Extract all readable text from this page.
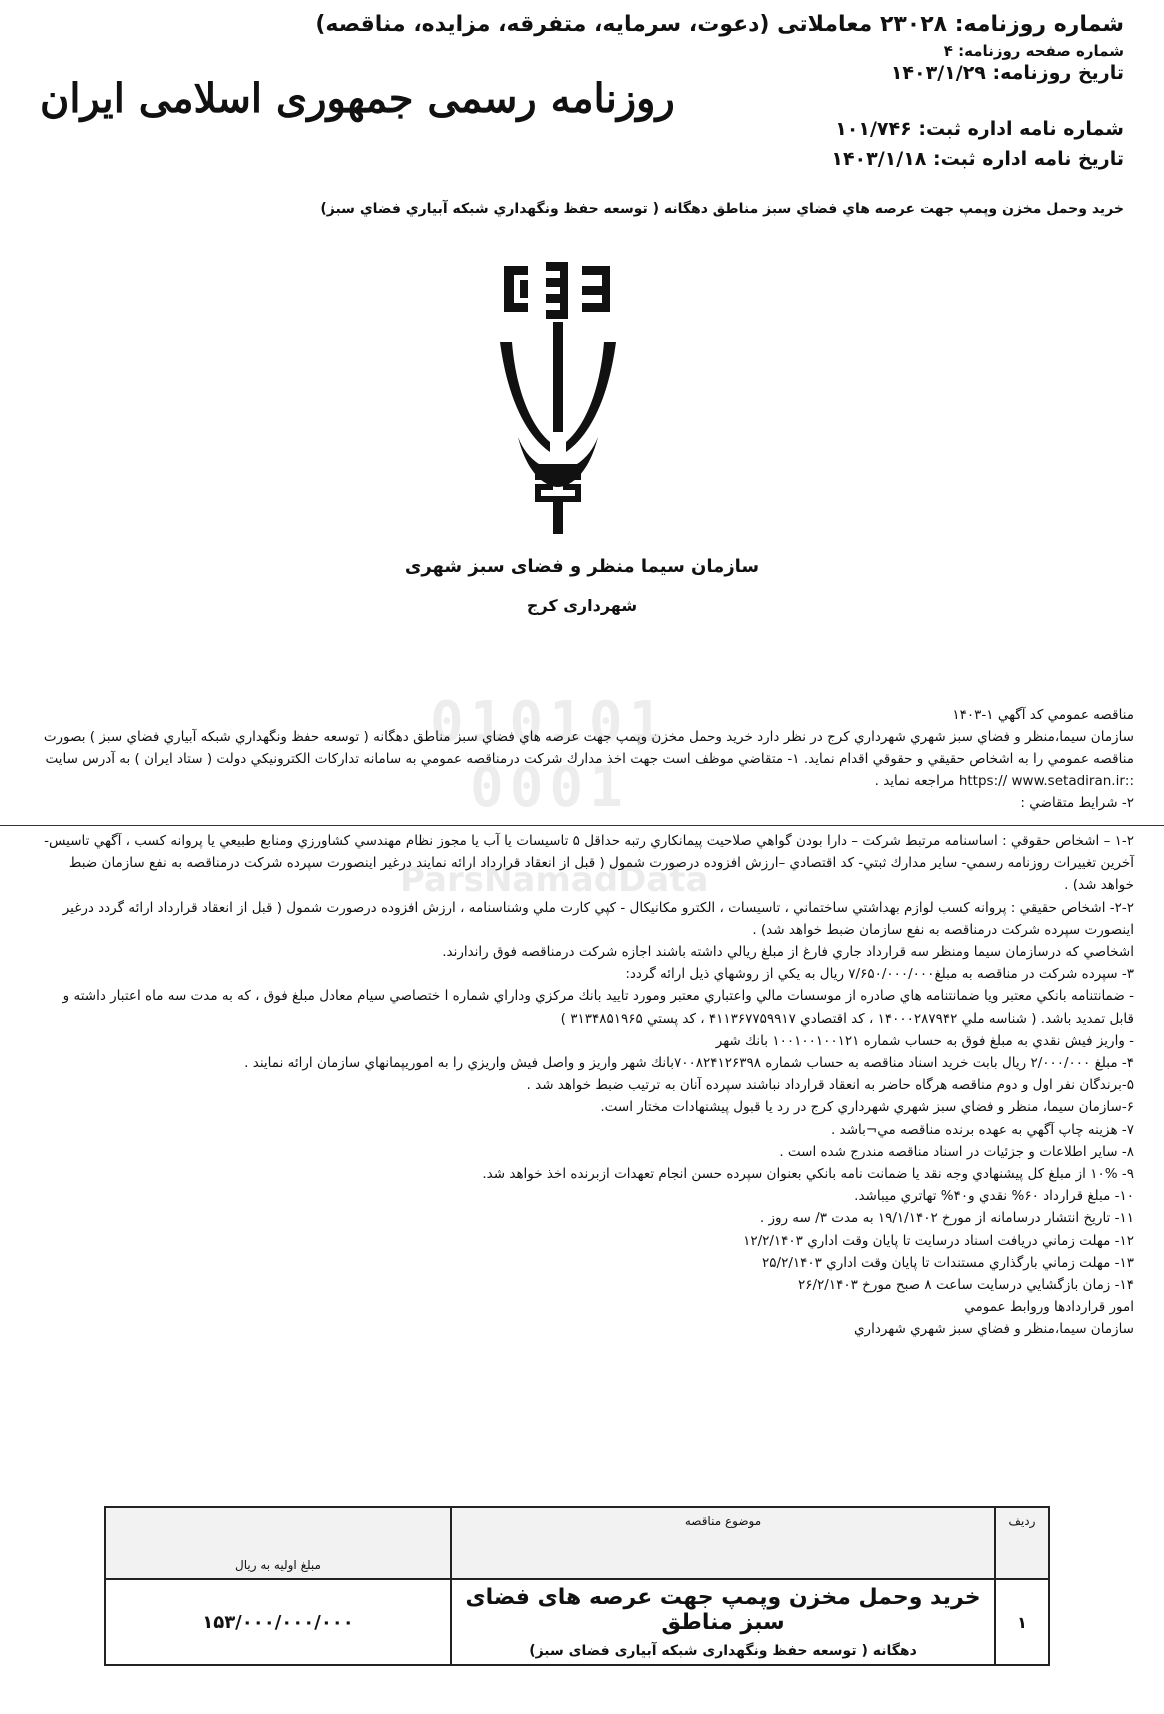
شماره روزنامه: ۲۳۰۲۸ معاملاتی (دعوت، سرمایه، متفرقه، مزایده، مناقصه)
شماره صفحه روزنامه: ۴
تاریخ روزنامه: ۱۴۰۳/۱/۲۹
روزنامه رسمی جمهوری اسلامی ایران
شماره نامه اداره ثبت: ۱۰۱/۷۴۶
تاریخ نامه اداره ثبت: ۱۴۰۳/۱/۱۸
خريد وحمل مخزن وپمپ جهت عرصه هاي فضاي سبز مناطق دهگانه ( توسعه حفظ ونگهداري شبكه آبياري فضاي سبز)
سازمان سیما منظر و فضای سبز شهری
شهرداری کرج
010101
0001
ParsNamadData

مناقصه عمومي كد آگهي ۱-۱۴۰۳

سازمان سيما،منظر و فضاي سبز شهري شهرداري كرج در نظر دارد خريد وحمل مخزن وپمپ جهت عرصه هاي فضاي سبز مناطق دهگانه ( توسعه حفظ ونگهداري شبكه آبياري فضاي سبز ) بصورت مناقصه عمومي را به اشخاص حقيقي و حقوقي اقدام نمايد. ۱- متقاضي موظف است جهت اخذ مدارك شركت درمناقصه عمومي به سامانه تداركات الكترونيكي دولت ( ستاد ايران ) به آدرس سايت ::https:// www.setadiran.ir مراجعه نمايد .

۲- شرايط متقاضي :

۱-۲ – اشخاص حقوقي : اساسنامه مرتبط شركت – دارا بودن گواهي صلاحيت پيمانكاري رتبه حداقل ۵ تاسيسات يا آب يا مجوز نظام مهندسي كشاورزي ومنابع طبيعي يا پروانه كسب ، آگهي تاسيس-آخرين تغييرات روزنامه رسمي- ساير مدارك ثبتي- كد اقتصادي –ارزش افزوده درصورت شمول ( قبل از انعقاد قرارداد ارائه نمايند درغير اينصورت سپرده شركت درمناقصه به نفع سازمان ضبط خواهد شد) .

۲-۲- اشخاص حقيقي : پروانه كسب لوازم بهداشتي ساختماني ، تاسيسات ، الكترو مكانيكال - كپي كارت ملي وشناسنامه ، ارزش افزوده درصورت شمول ( قبل از انعقاد قرارداد ارائه گردد درغير اينصورت سپرده شركت درمناقصه به نفع سازمان ضبط خواهد شد) .

اشخاصي كه درسازمان سيما ومنظر سه قرارداد جاري فارغ از مبلغ ريالي داشته باشند اجازه شركت درمناقصه فوق راندارند.

۳- سپرده شركت در مناقصه به مبلغ۷/۶۵۰/۰۰۰/۰۰۰ ريال به يكي از روشهاي ذيل ارائه گردد:

- ضمانتنامه بانكي معتبر ويا ضمانتنامه هاي صادره از موسسات مالي واعتباري معتبر ومورد تاييد بانك مركزي وداراي شماره ا ختصاصي سيام معادل مبلغ فوق ، كه به مدت سه ماه اعتبار داشته و قابل تمديد باشد. ( شناسه ملي ۱۴۰۰۰۲۸۷۹۴۲ ، كد اقتصادي ۴۱۱۳۶۷۷۵۹۹۱۷ ، كد پستي ۳۱۳۴۸۵۱۹۶۵ )

- واريز فيش نقدي به مبلغ فوق به حساب شماره ۱۰۰۱۰۰۱۰۰۱۲۱ بانك شهر

۴- مبلغ ۲/۰۰۰/۰۰۰ ريال بابت خريد اسناد مناقصه به حساب شماره ۷۰۰۸۲۴۱۲۶۳۹۸بانك شهر واريز و واصل فيش واريزي را به اموريپمانهاي سازمان ارائه نمايند .

۵-برندگان نفر اول و دوم مناقصه هرگاه حاضر به انعقاد قرارداد نباشند سپرده آنان به ترتيب ضبط خواهد شد .

۶-سازمان سيما، منظر و فضاي سبز شهري شهرداري كرج در رد يا قبول پيشنهادات مختار است.

۷- هزينه چاپ آگهي به عهده برنده مناقصه مي¬باشد .

۸- ساير اطلاعات و جزئيات در اسناد مناقصه مندرج شده است .

۹- ۱۰% از مبلغ كل پيشنهادي وجه نقد يا ضمانت نامه بانكي بعنوان سپرده حسن انجام تعهدات ازبرنده اخذ خواهد شد.

۱۰- مبلغ قرارداد ۶۰% نقدي و۴۰% تهاتري ميباشد.

۱۱- تاريخ انتشار درسامانه از مورخ ۱۹/۱/۱۴۰۲ به مدت ۳/ سه روز .

۱۲- مهلت زماني دريافت اسناد درسايت تا پايان وقت اداري ۱۲/۲/۱۴۰۳

۱۳- مهلت زماني بارگذاري مستندات تا پايان وقت اداري ۲۵/۲/۱۴۰۳

۱۴- زمان بازگشايي درسايت ساعت ۸ صبح مورخ ۲۶/۲/۱۴۰۳

امور قراردادها وروابط عمومي

سازمان سيما،منظر و فضاي سبز شهري شهرداري

رديف	موضوع مناقصه	مبلغ اوليه به ريال
۱	خرید وحمل مخزن وپمپ جهت عرصه های فضای سبز مناطق
دهگانه ( توسعه حفظ ونگهداری شبکه آبیاری فضای سبز)	۱۵۳/۰۰۰/۰۰۰/۰۰۰
